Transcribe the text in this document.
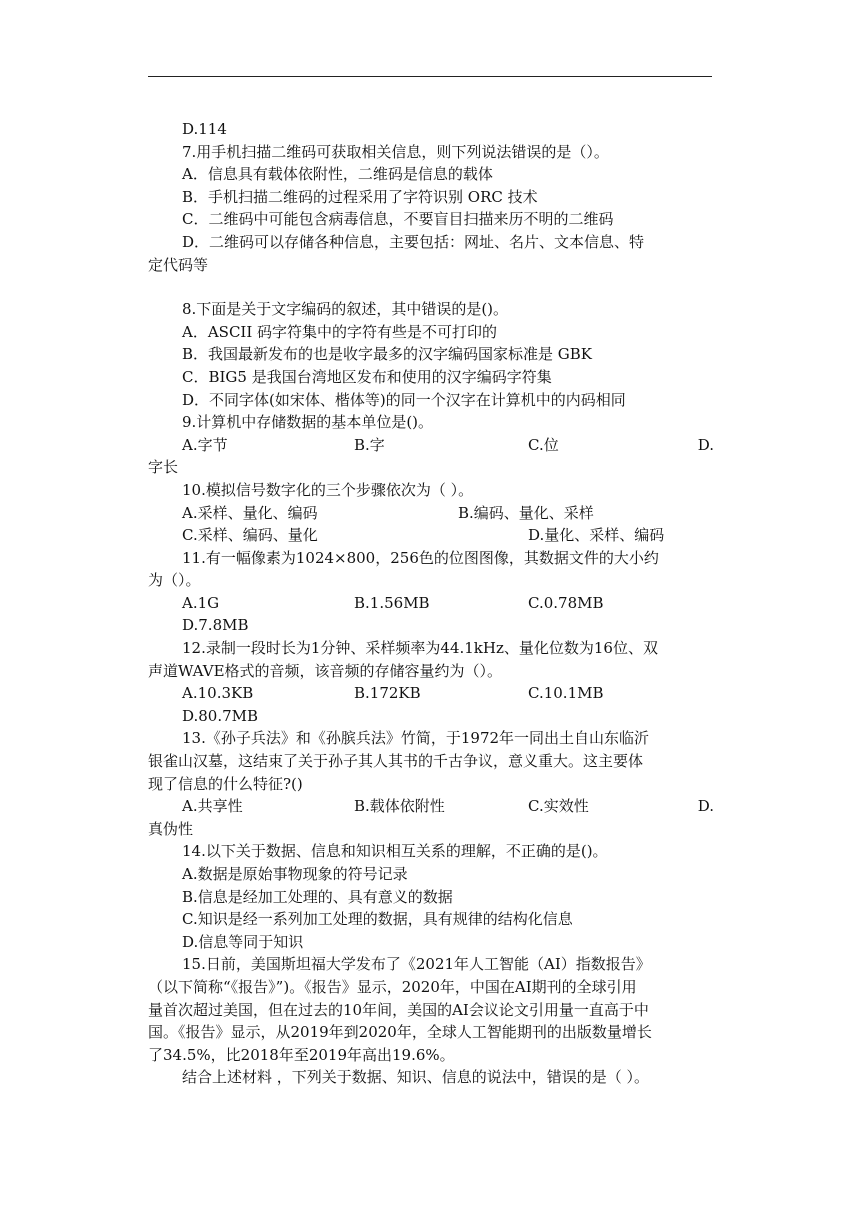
D.114
7.用手机扫描二维码可获取相关信息，则下列说法错误的是（）。
A．信息具有载体依附性，二维码是信息的载体
B．手机扫描二维码的过程采用了字符识别 ORC 技术
C．二维码中可能包含病毒信息，不要盲目扫描来历不明的二维码
D．二维码可以存储各种信息，主要包括：网址、名片、文本信息、特
定代码等
8.下面是关于文字编码的叙述，其中错误的是()。
A．ASCII 码字符集中的字符有些是不可打印的
B．我国最新发布的也是收字最多的汉字编码国家标准是 GBK
C．BIG5 是我国台湾地区发布和使用的汉字编码字符集
D．不同字体(如宋体、楷体等)的同一个汉字在计算机中的内码相同
9.计算机中存储数据的基本单位是()。
A.字节	B.字	C.位	D.
字长
10.模拟信号数字化的三个步骤依次为（ ）。
A.采样、量化、编码	B.编码、量化、采样
C.采样、编码、量化	D.量化、采样、编码
11.有一幅像素为1024×800，256色的位图图像，其数据文件的大小约
为（）。
A.1G	B.1.56MB	C.0.78MB
D.7.8MB
12.录制一段时长为1分钟、采样频率为44.1kHz、量化位数为16位、双
声道WAVE格式的音频，该音频的存储容量约为（）。
A.10.3KB	B.172KB	C.10.1MB
D.80.7MB
13.《孙子兵法》和《孙膑兵法》竹简，于1972年一同出土自山东临沂
银雀山汉墓，这结束了关于孙子其人其书的千古争议，意义重大。这主要体
现了信息的什么特征?()
A.共享性	B.载体依附性	C.实效性	D.
真伪性
14.以下关于数据、信息和知识相互关系的理解，不正确的是()。
A.数据是原始事物现象的符号记录
B.信息是经加工处理的、具有意义的数据
C.知识是经一系列加工处理的数据，具有规律的结构化信息
D.信息等同于知识
15.日前，美国斯坦福大学发布了《2021年人工智能（AI）指数报告》
（以下简称“《报告》”)。《报告》显示，2020年，中国在AI期刊的全球引用
量首次超过美国，但在过去的10年间，美国的AI会议论文引用量一直高于中
国。《报告》显示，从2019年到2020年，全球人工智能期刊的出版数量增长
了34.5%，比2018年至2019年高出19.6%。
结合上述材料 ，下列关于数据、知识、信息的说法中，错误的是（ ）。
